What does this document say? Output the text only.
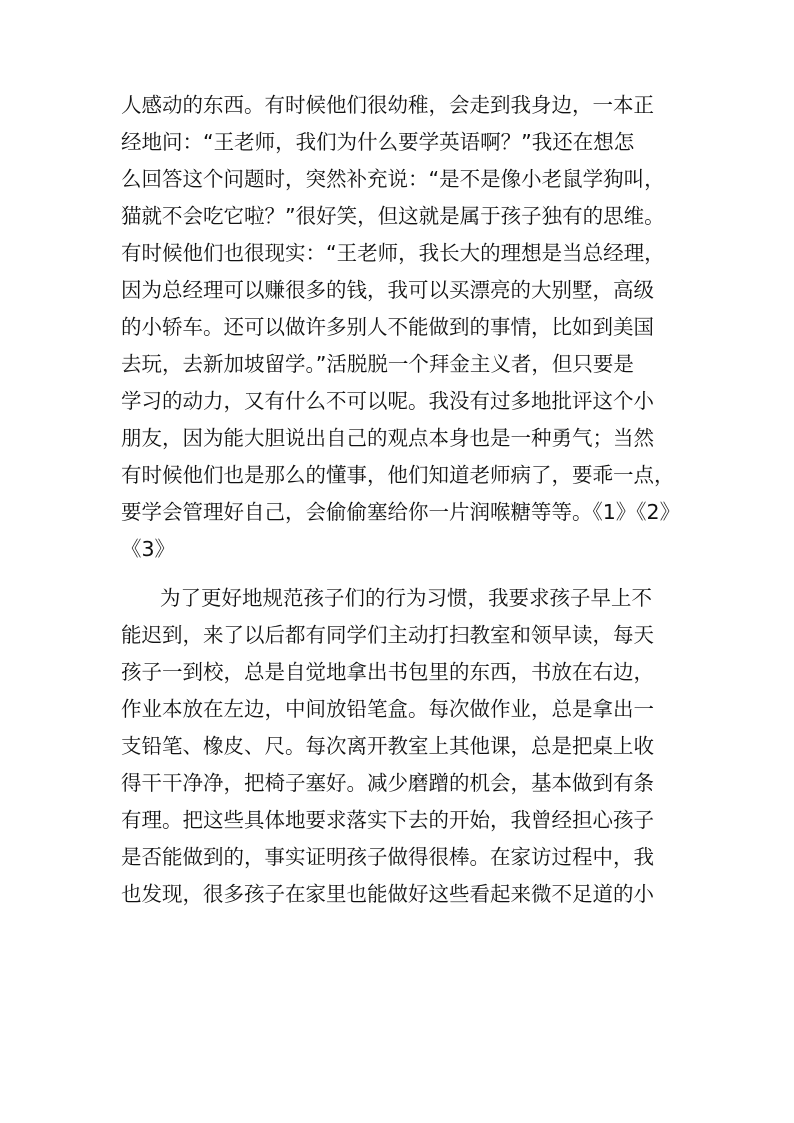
人感动的东西。有时候他们很幼稚，会走到我身边，一本正
经地问：“王老师，我们为什么要学英语啊？”我还在想怎
么回答这个问题时，突然补充说：“是不是像小老鼠学狗叫，
猫就不会吃它啦？”很好笑，但这就是属于孩子独有的思维。
有时候他们也很现实：“王老师，我长大的理想是当总经理，
因为总经理可以赚很多的钱，我可以买漂亮的大别墅，高级
的小轿车。还可以做许多别人不能做到的事情，比如到美国
去玩，去新加坡留学。”活脱脱一个拜金主义者，但只要是
学习的动力，又有什么不可以呢。我没有过多地批评这个小
朋友，因为能大胆说出自己的观点本身也是一种勇气；当然
有时候他们也是那么的懂事，他们知道老师病了，要乖一点，
要学会管理好自己，会偷偷塞给你一片润喉糖等等。《1》《2》
《3》
为了更好地规范孩子们的行为习惯，我要求孩子早上不
能迟到，来了以后都有同学们主动打扫教室和领早读，每天
孩子一到校，总是自觉地拿出书包里的东西，书放在右边，
作业本放在左边，中间放铅笔盒。每次做作业，总是拿出一
支铅笔、橡皮、尺。每次离开教室上其他课，总是把桌上收
得干干净净，把椅子塞好。减少磨蹭的机会，基本做到有条
有理。把这些具体地要求落实下去的开始，我曾经担心孩子
是否能做到的，事实证明孩子做得很棒。在家访过程中，我
也发现，很多孩子在家里也能做好这些看起来微不足道的小
